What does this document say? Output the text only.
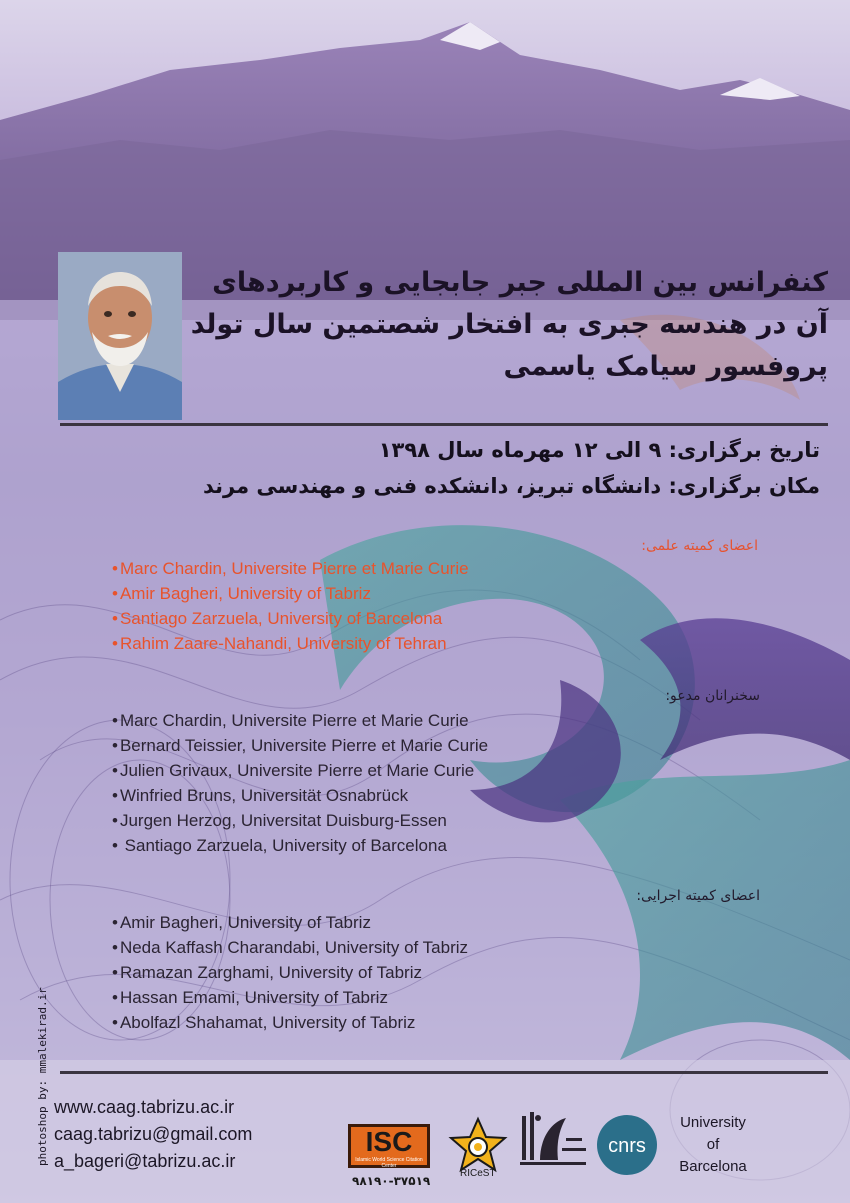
کنفرانس بین المللی جبر جابجایی و کاربردهای
آن در هندسه جبری به افتخار شصتمین سال تولد
پروفسور سیامک یاسمی
تاریخ برگزاری: ۹ الی ۱۲ مهرماه سال ۱۳۹۸
مکان برگزاری: دانشگاه تبریز، دانشکده فنی و مهندسی مرند
اعضای کمیته علمی:
• Marc Chardin, Universite Pierre et Marie Curie
• Amir Bagheri, University of Tabriz
• Santiago Zarzuela, University of Barcelona
• Rahim Zaare-Nahandi, University of Tehran
سخنرانان مدعو:
• Marc Chardin, Universite Pierre et Marie Curie
• Bernard Teissier, Universite Pierre et Marie Curie
• Julien Grivaux, Universite Pierre et Marie Curie
• Winfried Bruns, Universität Osnabrück
• Jurgen Herzog, Universitat Duisburg-Essen
• Santiago Zarzuela, University of Barcelona
اعضای کمیته اجرایی:
• Amir Bagheri, University of Tabriz
• Neda Kaffash Charandabi, University of Tabriz
• Ramazan Zarghami, University of Tabriz
• Hassan Emami, University of Tabriz
• Abolfazl Shahamat, University of Tabriz
photoshop by: mmalekirad.ir www.caag.tabrizu.ac.ir
caag.tabrizu@gmail.com
a_bageri@tabrizu.ac.ir
ISC
Islamic World Science Citation Center
۹۸۱۹۰-۳۷۵۱۹
RICeST
cnrs
University
of
Barcelona
